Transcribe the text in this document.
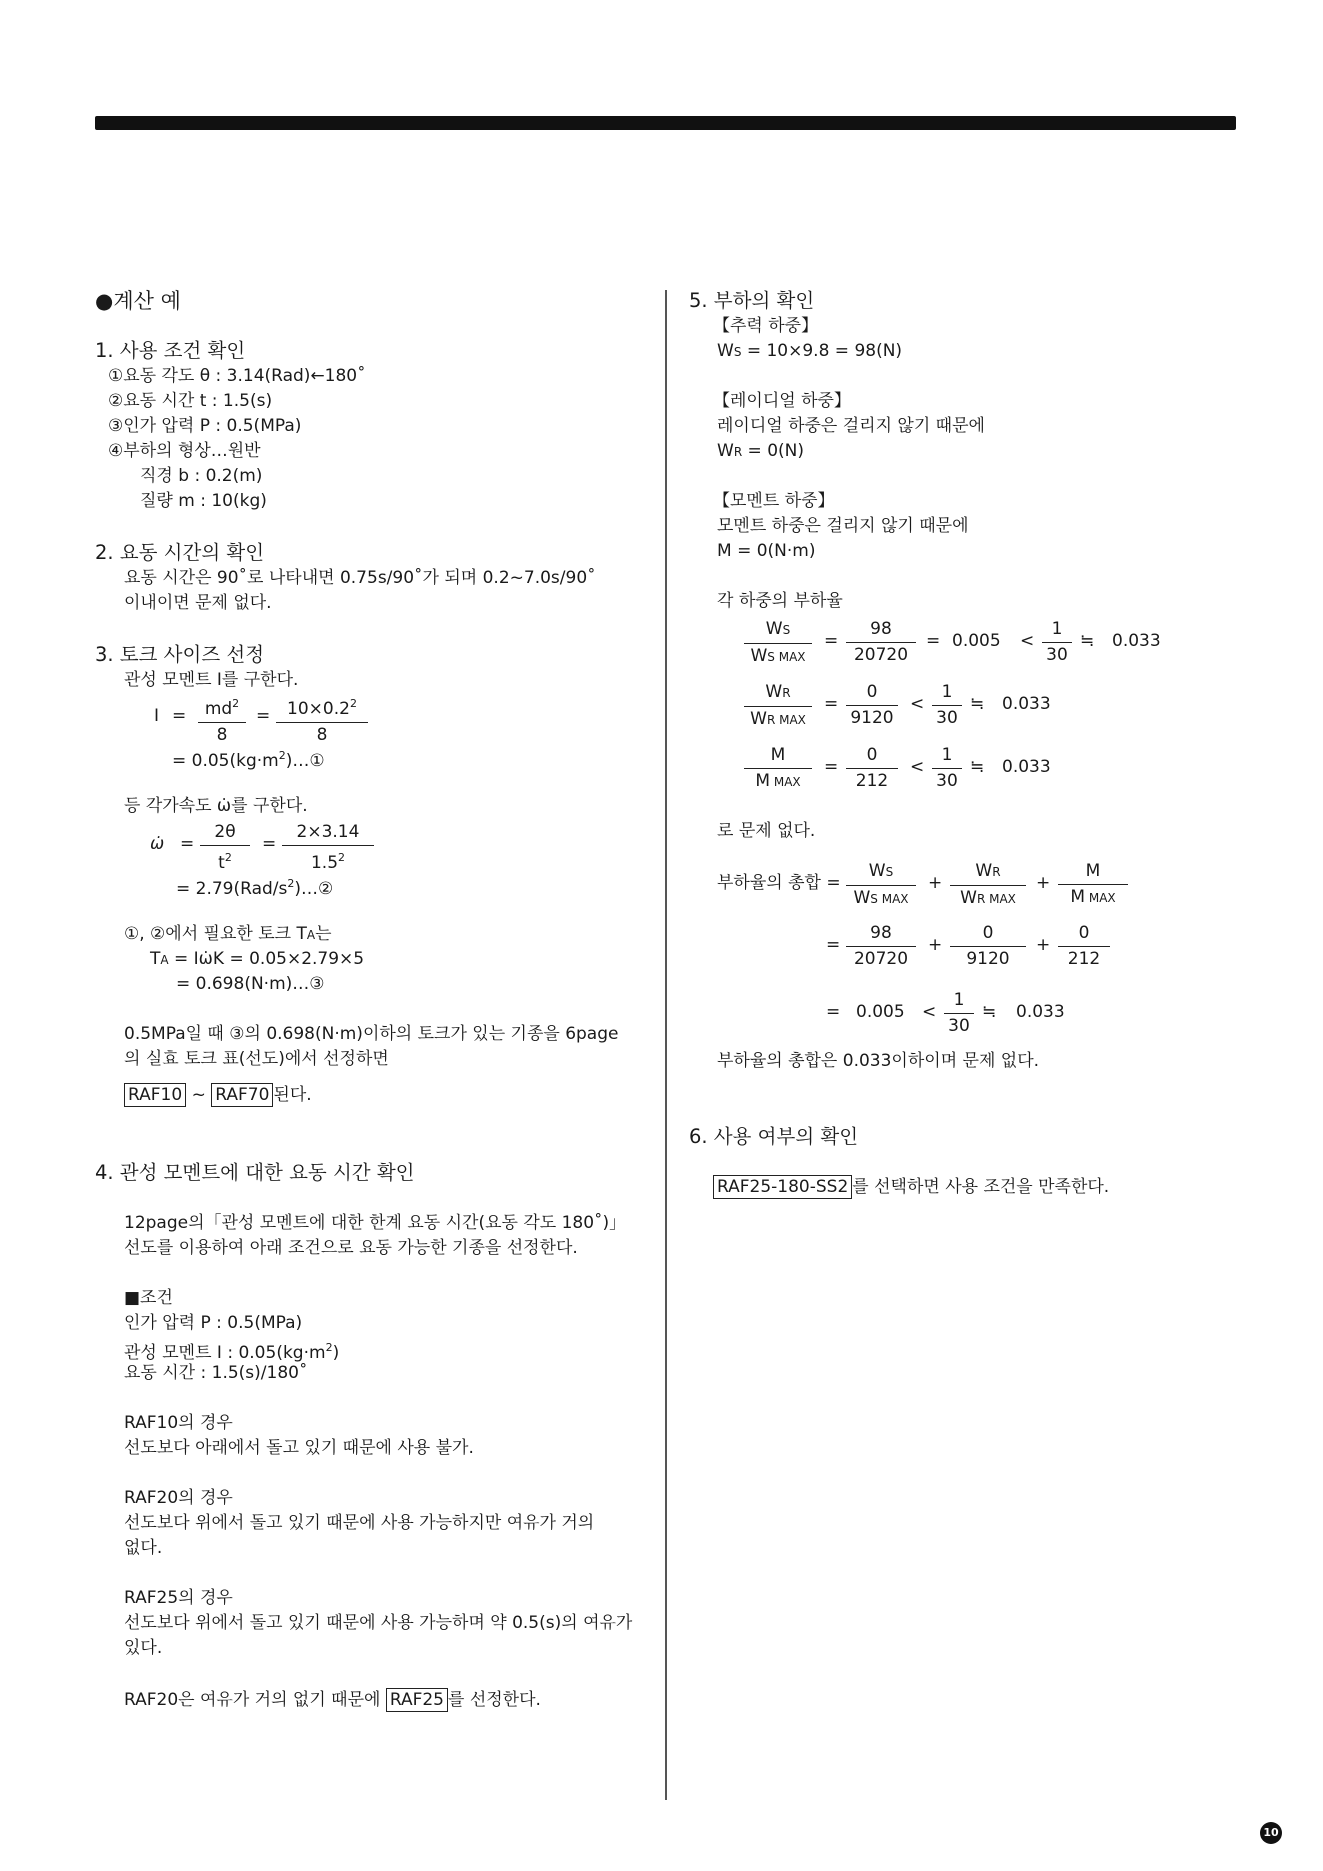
●계산 예
1. 사용 조건 확인
①요동 각도 θ : 3.14(Rad)←180˚
②요동 시간 t : 1.5(s)
③인가 압력 P : 0.5(MPa)
④부하의 형상…원반
직경 b : 0.2(m)
질량 m : 10(kg)
2. 요동 시간의 확인
요동 시간은 90˚로 나타내면 0.75s/90˚가 되며 0.2~7.0s/90˚
이내이면 문제 없다.
3. 토크 사이즈 선정
관성 모멘트 I를 구한다.
$I = md^2$
8
= $10\times 0.2^2$
8
= $0.05(kg\cdot m^2)\dots ①$
등 각가속도 ω̇를 구한다.
ω̇ =
2θ
$t^2$
=
2×3.14
$1.5^2$
= $2.79(Rad/s^2)\dots ②$
①, ②에서 필요한 토크 TA는
TA = Iω̇K = 0.05×2.79×5
= 0.698(N·m)…③
0.5MPa일 때 ③의 0.698(N·m)이하의 토크가 있는 기종을 6page
의 실효 토크 표(선도)에서 선정하면
RAF10 ~ RAF70 된다.
4. 관성 모멘트에 대한 요동 시간 확인
12page의「관성 모멘트에 대한 한계 요동 시간(요동 각도 180˚)」
선도를 이용하여 아래 조건으로 요동 가능한 기종을 선정한다.
■조건
인가 압력 P : 0.5(MPa)
관성 모멘트 I : $0.05(kg\cdot m^2)$
요동 시간 : 1.5(s)/180˚
RAF10의 경우
선도보다 아래에서 돌고 있기 때문에 사용 불가.
RAF20의 경우
선도보다 위에서 돌고 있기 때문에 사용 가능하지만 여유가 거의
없다.
RAF25의 경우
선도보다 위에서 돌고 있기 때문에 사용 가능하며 약 0.5(s)의 여유가
있다.
RAF20은 여유가 거의 없기 때문에 RAF25 를 선정한다.
5. 부하의 확인
【추력 하중】
WS = 10×9.8 = 98(N)
【레이디얼 하중】
레이디얼 하중은 걸리지 않기 때문에
WR = 0(N)
【모멘트 하중】
모멘트 하중은 걸리지 않기 때문에
M = 0(N·m)
각 하중의 부하율
WS
WS MAX
=
98
20720
= 0.005 <
1
30
≒ 0.033
WR
WR MAX
=
0
9120
<
1
30
≒ 0.033
M
M MAX
=
0
212
<
1
30
≒ 0.033
로 문제 없다.
부하율의 총합 =
WS
WS MAX
+
WR
WR MAX
+
M
M MAX
=
98
20720
+
0
9120
+
0
212
= 0.005 <
1
30
≒ 0.033
부하율의 총합은 0.033이하이며 문제 없다.
6. 사용 여부의 확인
RAF25-180-SS2 를 선택하면 사용 조건을 만족한다.
10
